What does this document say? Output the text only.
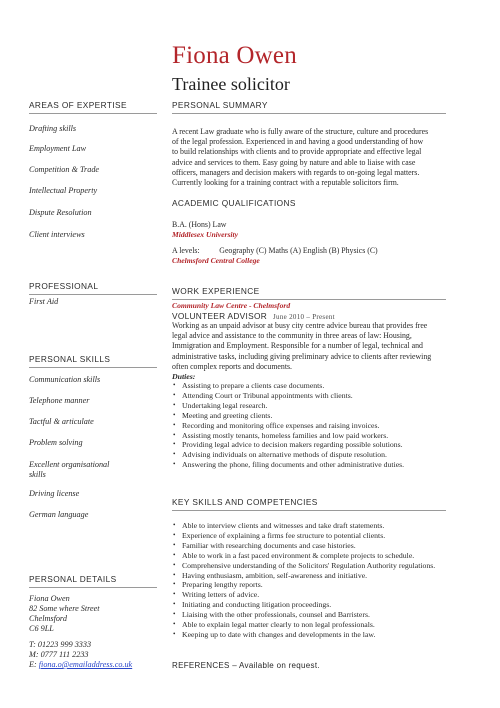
Fiona Owen
Trainee solicitor
AREAS OF EXPERTISE
Drafting skills
Employment Law
Competition & Trade
Intellectual Property
Dispute Resolution
Client interviews
PROFESSIONAL
First Aid
PERSONAL SKILLS
Communication skills
Telephone manner
Tactful & articulate
Problem solving
Excellent organisational
skills
Driving license
German language
PERSONAL DETAILS
Fiona Owen
82 Some where Street
Chelmsford
C6 9LL
T: 01223 999 3333
M: 0777 111 2233
E: fiona.o@emailaddress.co.uk
PERSONAL SUMMARY
A recent Law graduate who is fully aware of the structure, culture and procedures
of the legal profession. Experienced in and having a good understanding of how
to build relationships with clients and to provide appropriate and effective legal
advice and services to them. Easy going by nature and able to liaise with case
officers, managers and decision makers with regards to on-going legal matters.
Currently looking for a training contract with a reputable solicitors firm.
ACADEMIC QUALIFICATIONS
B.A. (Hons) Law
Middlesex University
A levels:          Geography (C) Maths (A) English (B) Physics (C)
Chelmsford Central College
WORK EXPERIENCE
Community Law Centre - Chelmsford
VOLUNTEER ADVISOR June 2010 – Present
Working as an unpaid advisor at busy city centre advice bureau that provides free
legal advice and assistance to the community in three areas of law: Housing,
Immigration and Employment. Responsible for a number of legal, technical and
administrative tasks, including giving preliminary advice to clients after reviewing
often complex reports and documents.
Duties:
• Assisting to prepare a clients case documents.
• Attending Court or Tribunal appointments with clients.
• Undertaking legal research.
• Meeting and greeting clients.
• Recording and monitoring office expenses and raising invoices.
• Assisting mostly tenants, homeless families and low paid workers.
• Providing legal advice to decision makers regarding possible solutions.
• Advising individuals on alternative methods of dispute resolution.
• Answering the phone, filing documents and other administrative duties.
KEY SKILLS AND COMPETENCIES
• Able to interview clients and witnesses and take draft statements.
• Experience of explaining a firms fee structure to potential clients.
• Familiar with researching documents and case histories.
• Able to work in a fast paced environment & complete projects to schedule.
• Comprehensive understanding of the Solicitors' Regulation Authority regulations.
• Having enthusiasm, ambition, self-awareness and initiative.
• Preparing lengthy reports.
• Writing letters of advice.
• Initiating and conducting litigation proceedings.
• Liaising with the other professionals, counsel and Barristers.
• Able to explain legal matter clearly to non legal professionals.
• Keeping up to date with changes and developments in the law.
REFERENCES – Available on request.
